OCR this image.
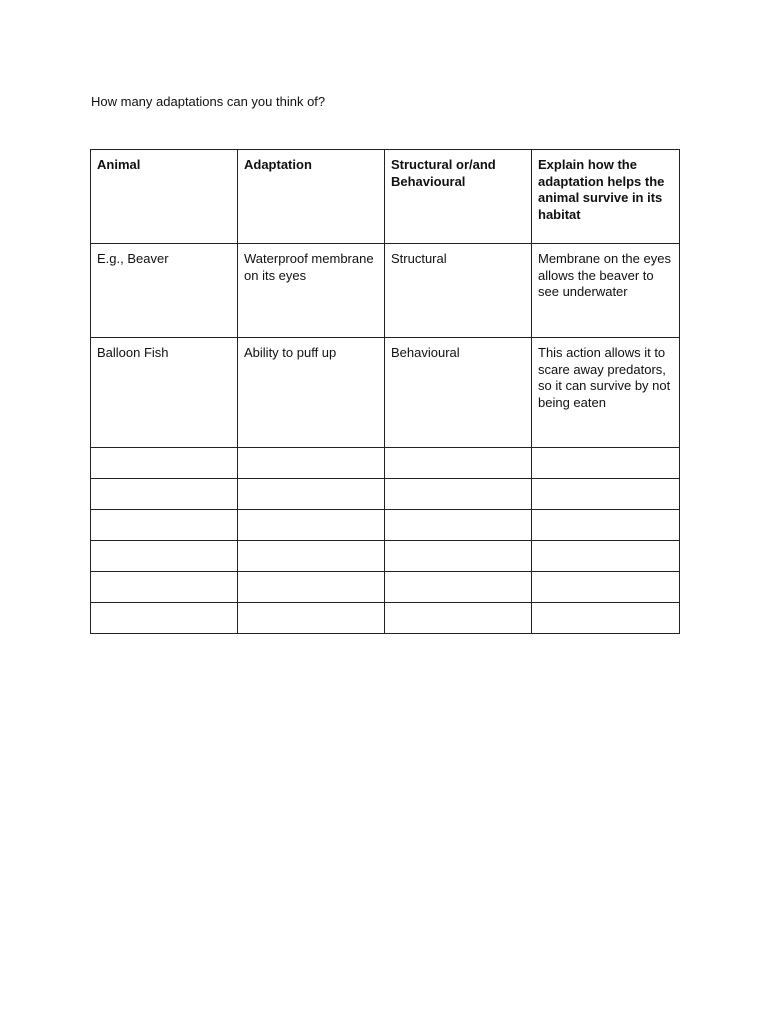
How many adaptations can you think of?

Animal	Adaptation	Structural or/and Behavioural	Explain how the adaptation helps the animal survive in its habitat
E.g., Beaver	Waterproof membrane on its eyes	Structural	Membrane on the eyes allows the beaver to see underwater
Balloon Fish	Ability to puff up	Behavioural	This action allows it to scare away predators, so it can survive by not being eaten
